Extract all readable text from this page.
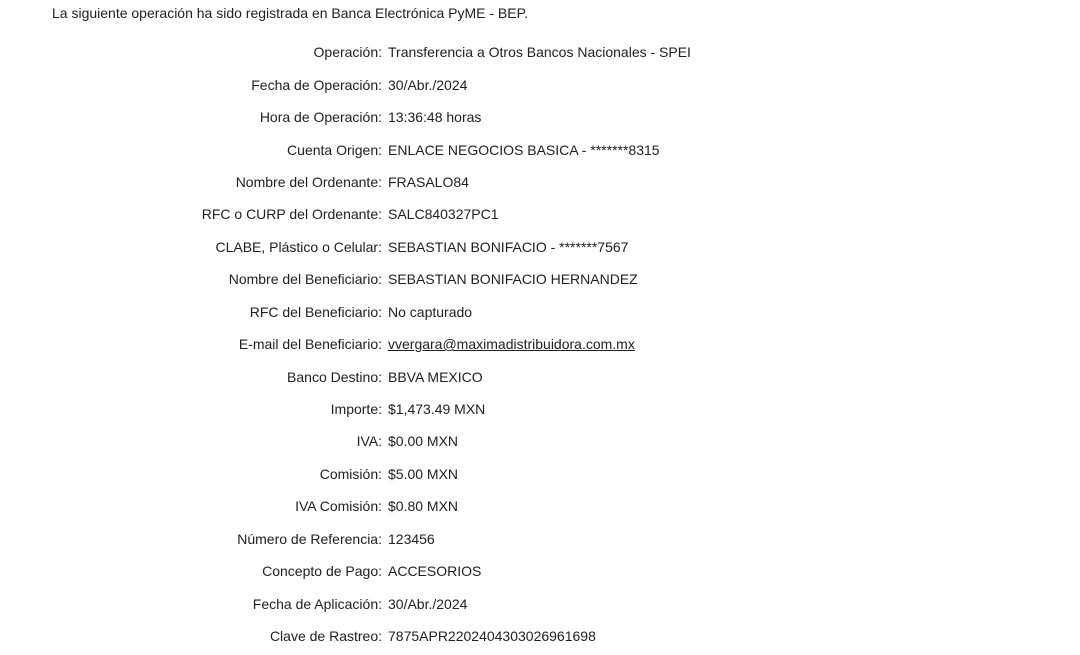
La siguiente operación ha sido registrada en Banca Electrónica PyME - BEP.
Operación: Transferencia a Otros Bancos Nacionales - SPEI
Fecha de Operación: 30/Abr./2024
Hora de Operación: 13:36:48 horas
Cuenta Origen: ENLACE NEGOCIOS BASICA - *******8315
Nombre del Ordenante: FRASALO84
RFC o CURP del Ordenante: SALC840327PC1
CLABE, Plástico o Celular: SEBASTIAN BONIFACIO - *******7567
Nombre del Beneficiario: SEBASTIAN BONIFACIO HERNANDEZ
RFC del Beneficiario: No capturado
E-mail del Beneficiario: vvergara@maximadistribuidora.com.mx
Banco Destino: BBVA MEXICO
Importe: $1,473.49 MXN
IVA: $0.00 MXN
Comisión: $5.00 MXN
IVA Comisión: $0.80 MXN
Número de Referencia: 123456
Concepto de Pago: ACCESORIOS
Fecha de Aplicación: 30/Abr./2024
Clave de Rastreo: 7875APR2202404303026961698
